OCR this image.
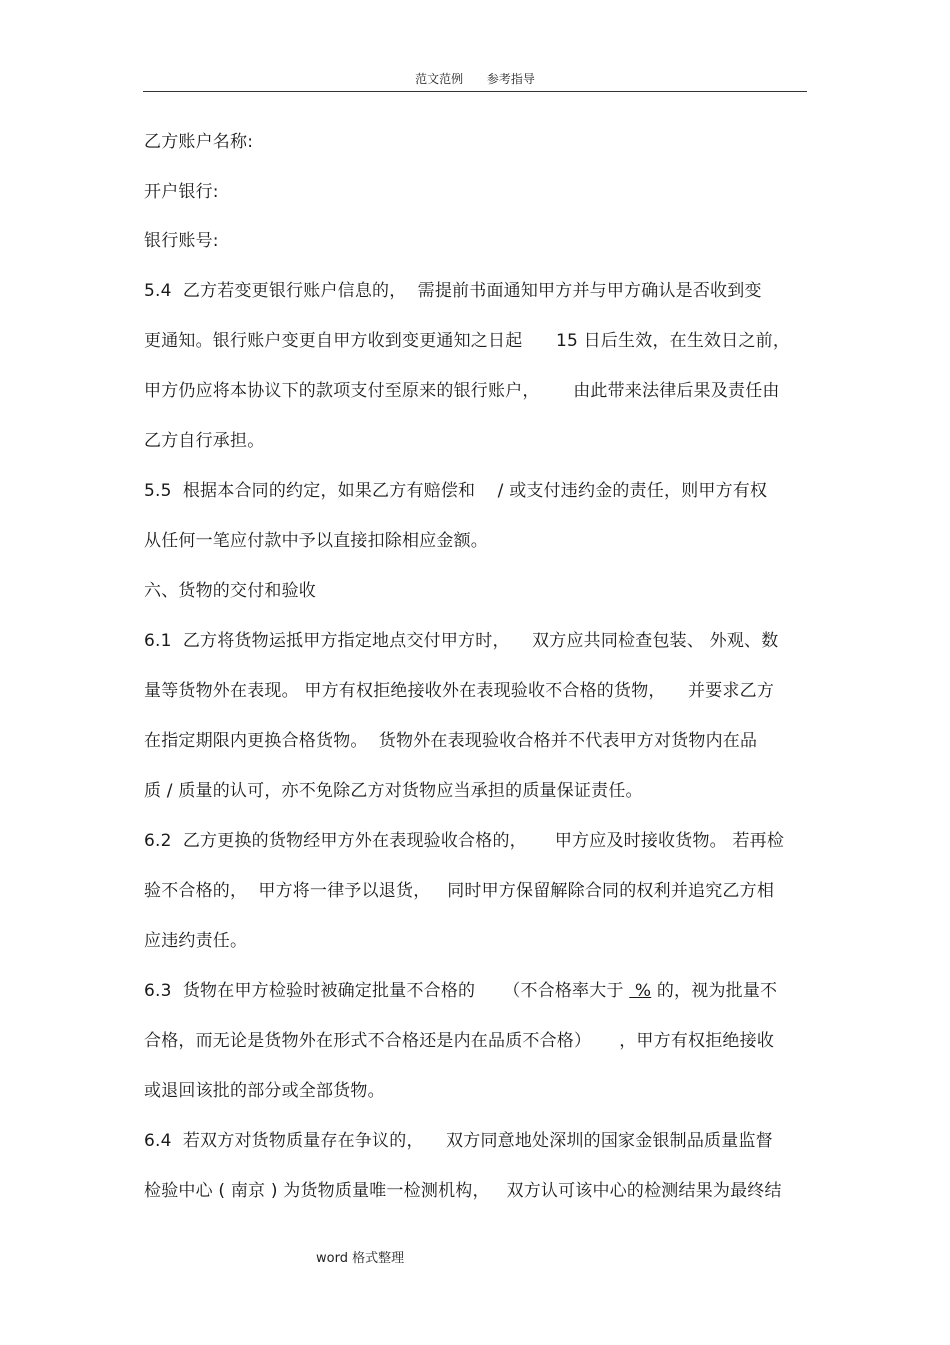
范文范例 参考指导
乙方账户名称:
开户银行:
银行账号:
5.4  乙方若变更银行账户信息的，  需提前书面通知甲方并与甲方确认是否收到变
更通知。银行账户变更自甲方收到变更通知之日起      15 日后生效，在生效日之前，
甲方仍应将本协议下的款项支付至原来的银行账户，      由此带来法律后果及责任由
乙方自行承担。
5.5  根据本合同的约定，如果乙方有赔偿和    / 或支付违约金的责任，则甲方有权
从任何一笔应付款中予以直接扣除相应金额。
六、货物的交付和验收
6.1  乙方将货物运抵甲方指定地点交付甲方时，    双方应共同检查包装、 外观、数
量等货物外在表现。 甲方有权拒绝接收外在表现验收不合格的货物，    并要求乙方
在指定期限内更换合格货物。  货物外在表现验收合格并不代表甲方对货物内在品
质 / 质量的认可，亦不免除乙方对货物应当承担的质量保证责任。
6.2  乙方更换的货物经甲方外在表现验收合格的，     甲方应及时接收货物。 若再检
验不合格的，  甲方将一律予以退货，   同时甲方保留解除合同的权利并追究乙方相
应违约责任。
6.3  货物在甲方检验时被确定批量不合格的     （不合格率大于  % 的，视为批量不
合格，而无论是货物外在形式不合格还是内在品质不合格）     ，甲方有权拒绝接收
或退回该批的部分或全部货物。
6.4  若双方对货物质量存在争议的，    双方同意地处深圳的国家金银制品质量监督
检验中心 ( 南京 ) 为货物质量唯一检测机构，   双方认可该中心的检测结果为最终结
word 格式整理
